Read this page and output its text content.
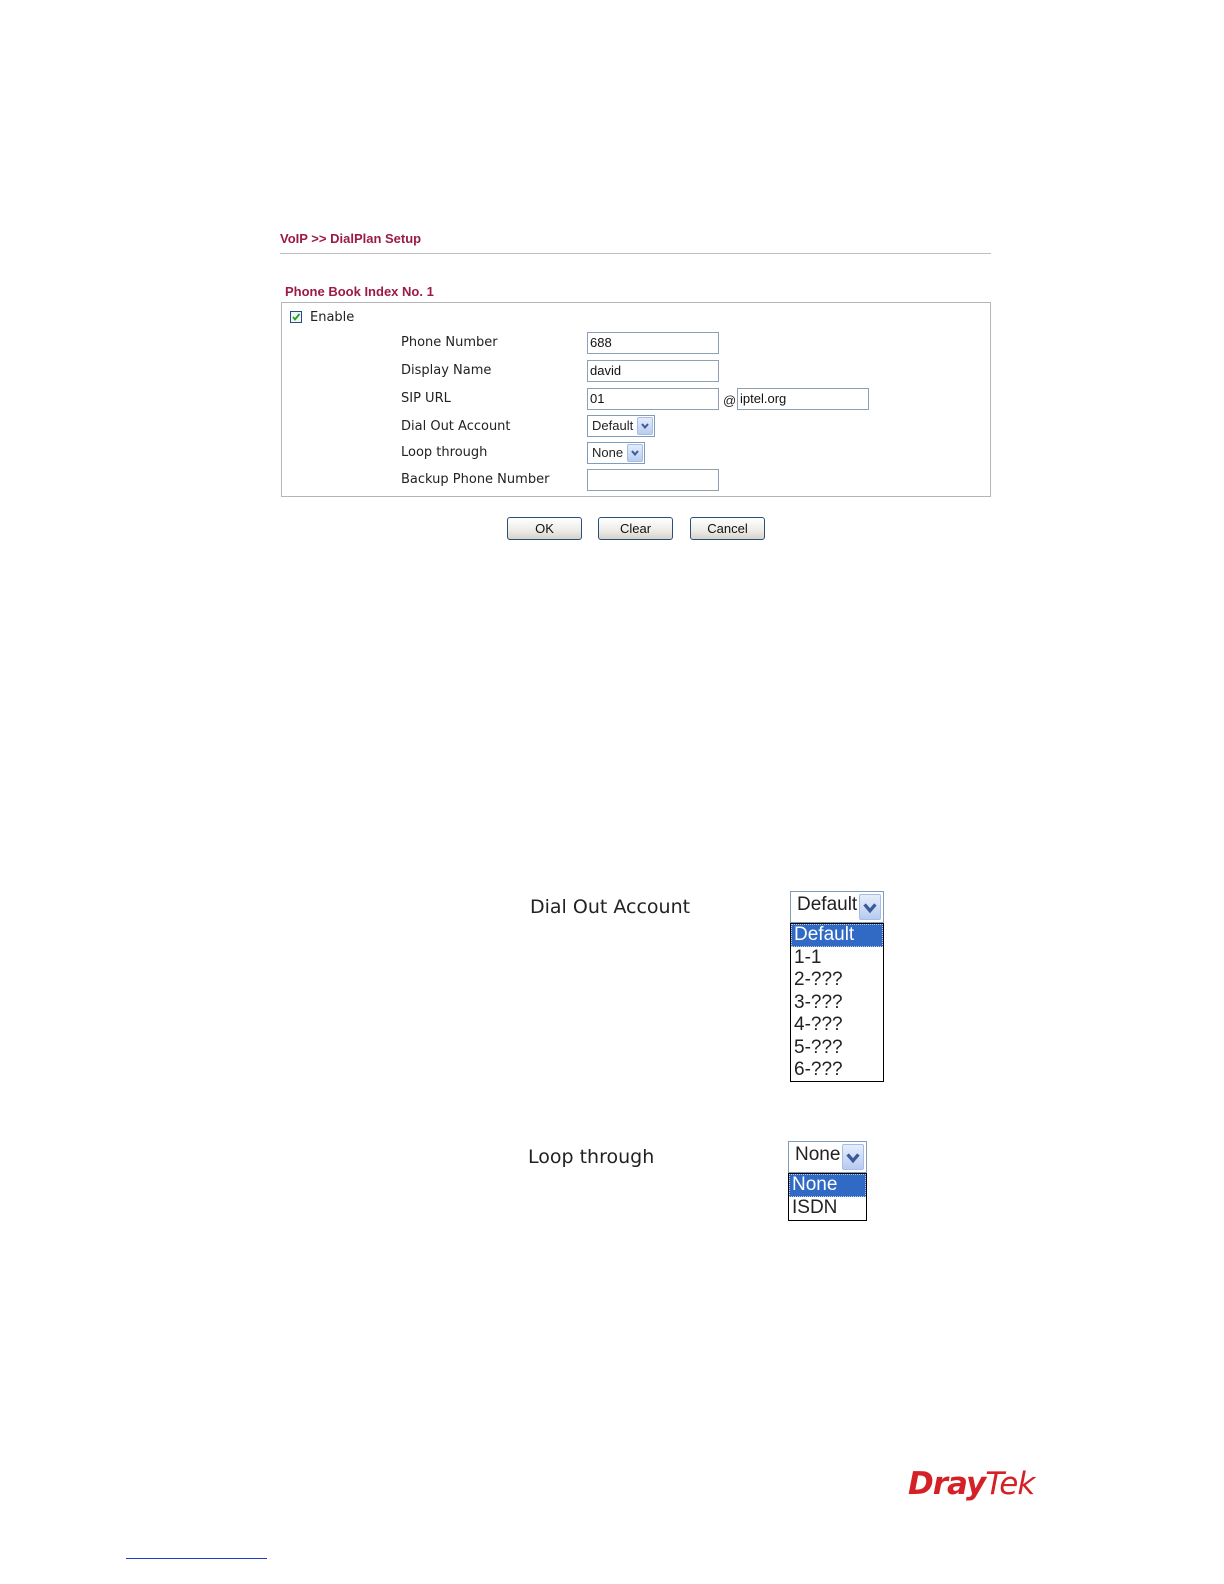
VoIP >> DialPlan Setup
Phone Book Index No. 1
Enable
Phone Number	688
Display Name	david
SIP URL	01	@ iptel.org
Dial Out Account	Default
Loop through	None
Backup Phone Number
OK	Clear	Cancel
Dial Out Account	Default
Default
1-1
2-???
3-???
4-???
5-???
6-???
Loop through	None
None
ISDN
DrayTek
